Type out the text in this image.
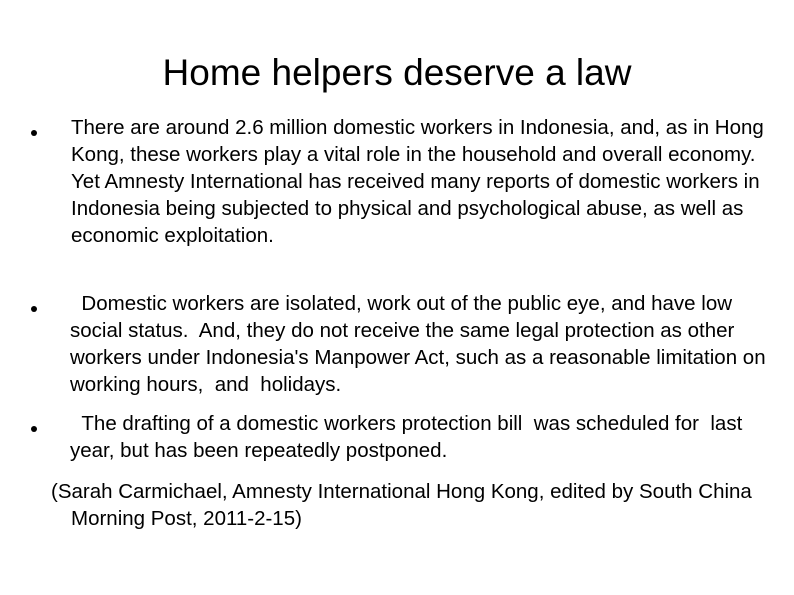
Home helpers deserve a law
There are around 2.6 million domestic workers in Indonesia, and, as in Hong Kong, these workers play a vital role in the household and overall economy. Yet Amnesty International has received many reports of domestic workers in Indonesia being subjected to physical and psychological abuse, as well as economic exploitation.
Domestic workers are isolated, work out of the public eye, and have low social status.  And, they do not receive the same legal protection as other workers under Indonesia's Manpower Act, such as a reasonable limitation on working hours,  and  holidays.
The drafting of a domestic workers protection bill  was scheduled for  last year, but has been repeatedly postponed.

(Sarah Carmichael, Amnesty International Hong Kong, edited by South China Morning Post, 2011-2-15)
